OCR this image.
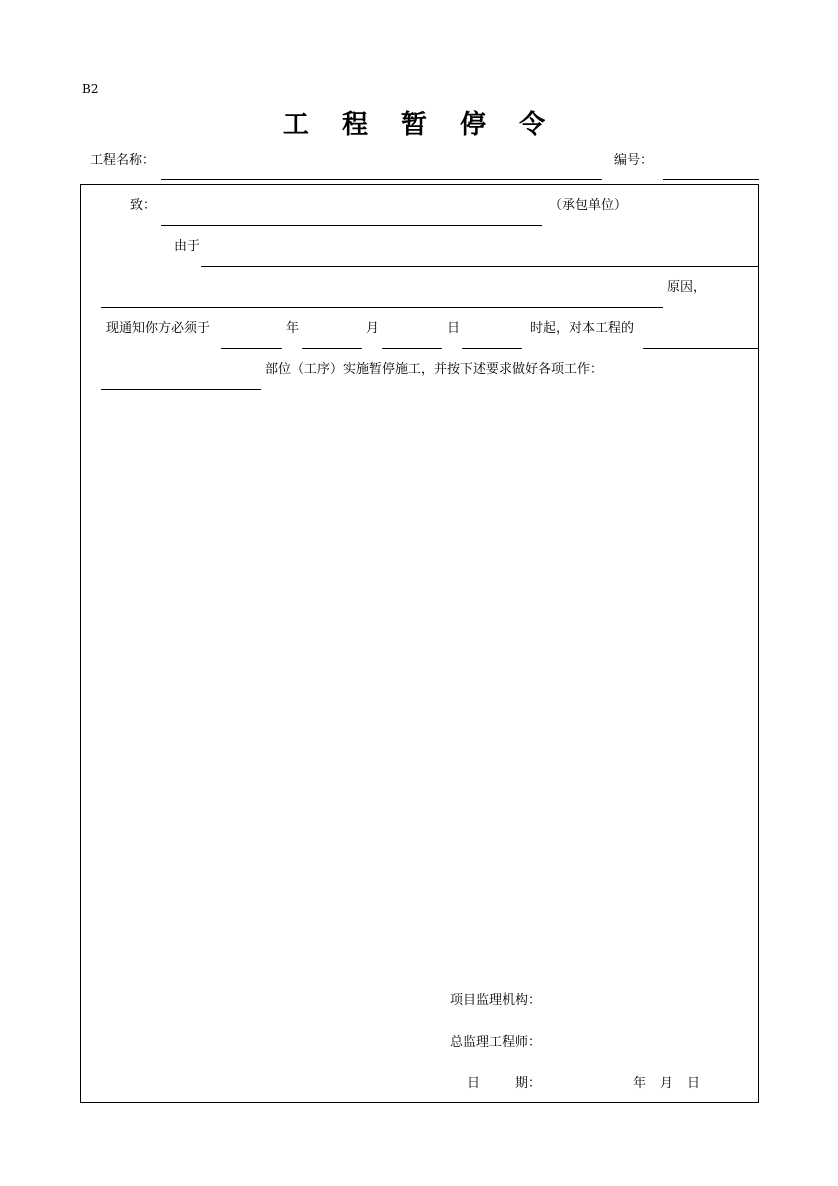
B2
工 程 暂 停 令
工程名称：	编号：
致：	（承包单位）
由于
原因，
现通知你方必须于	年	月	日	时起，对本工程的
部位（工序）实施暂停施工，并按下述要求做好各项工作：
项目监理机构：
总监理工程师：
日	期：	年 月 日
